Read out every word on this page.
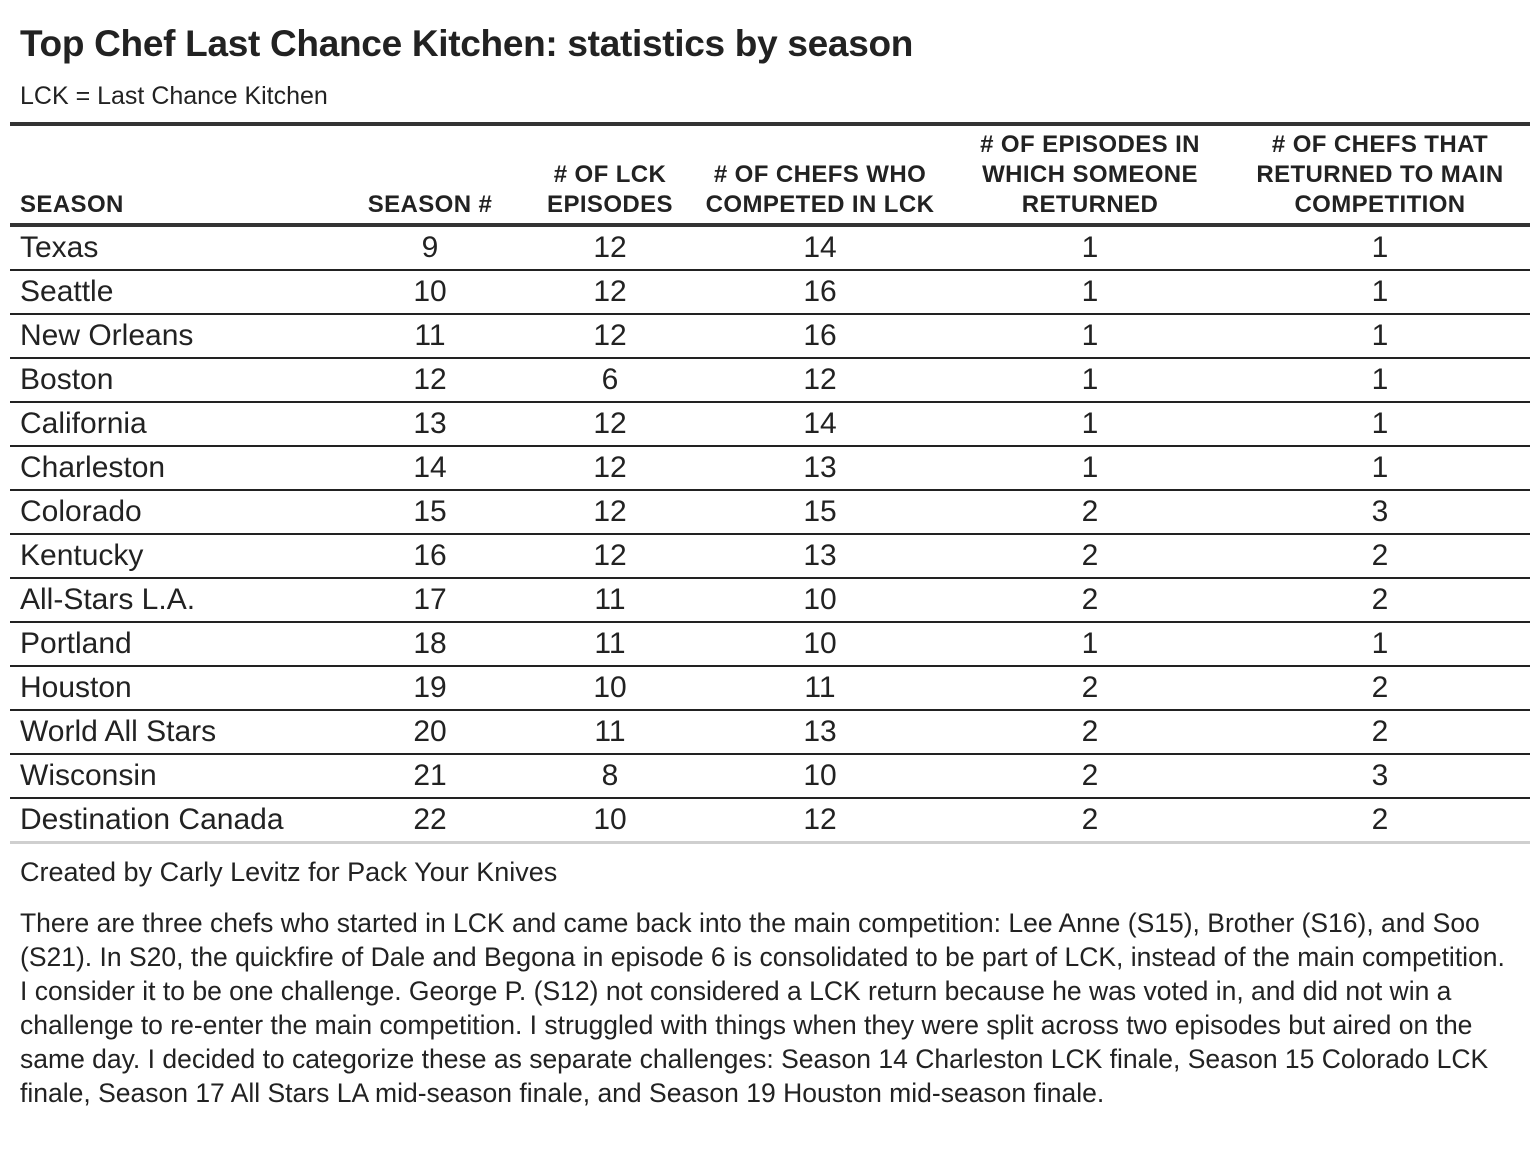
Top Chef Last Chance Kitchen: statistics by season
LCK = Last Chance Kitchen
SEASON	SEASON #	# OF LCK EPISODES	# OF CHEFS WHO COMPETED IN LCK	# OF EPISODES IN WHICH SOMEONE RETURNED	# OF CHEFS THAT RETURNED TO MAIN COMPETITION
Texas	9	12	14	1	1
Seattle	10	12	16	1	1
New Orleans	11	12	16	1	1
Boston	12	6	12	1	1
California	13	12	14	1	1
Charleston	14	12	13	1	1
Colorado	15	12	15	2	3
Kentucky	16	12	13	2	2
All-Stars L.A.	17	11	10	2	2
Portland	18	11	10	1	1
Houston	19	10	11	2	2
World All Stars	20	11	13	2	2
Wisconsin	21	8	10	2	3
Destination Canada	22	10	12	2	2
Created by Carly Levitz for Pack Your Knives
There are three chefs who started in LCK and came back into the main competition: Lee Anne (S15), Brother (S16), and Soo (S21). In S20, the quickfire of Dale and Begona in episode 6 is consolidated to be part of LCK, instead of the main competition. I consider it to be one challenge. George P. (S12) not considered a LCK return because he was voted in, and did not win a challenge to re-enter the main competition. I struggled with things when they were split across two episodes but aired on the same day. I decided to categorize these as separate challenges: Season 14 Charleston LCK finale, Season 15 Colorado LCK finale, Season 17 All Stars LA mid-season finale, and Season 19 Houston mid-season finale.
